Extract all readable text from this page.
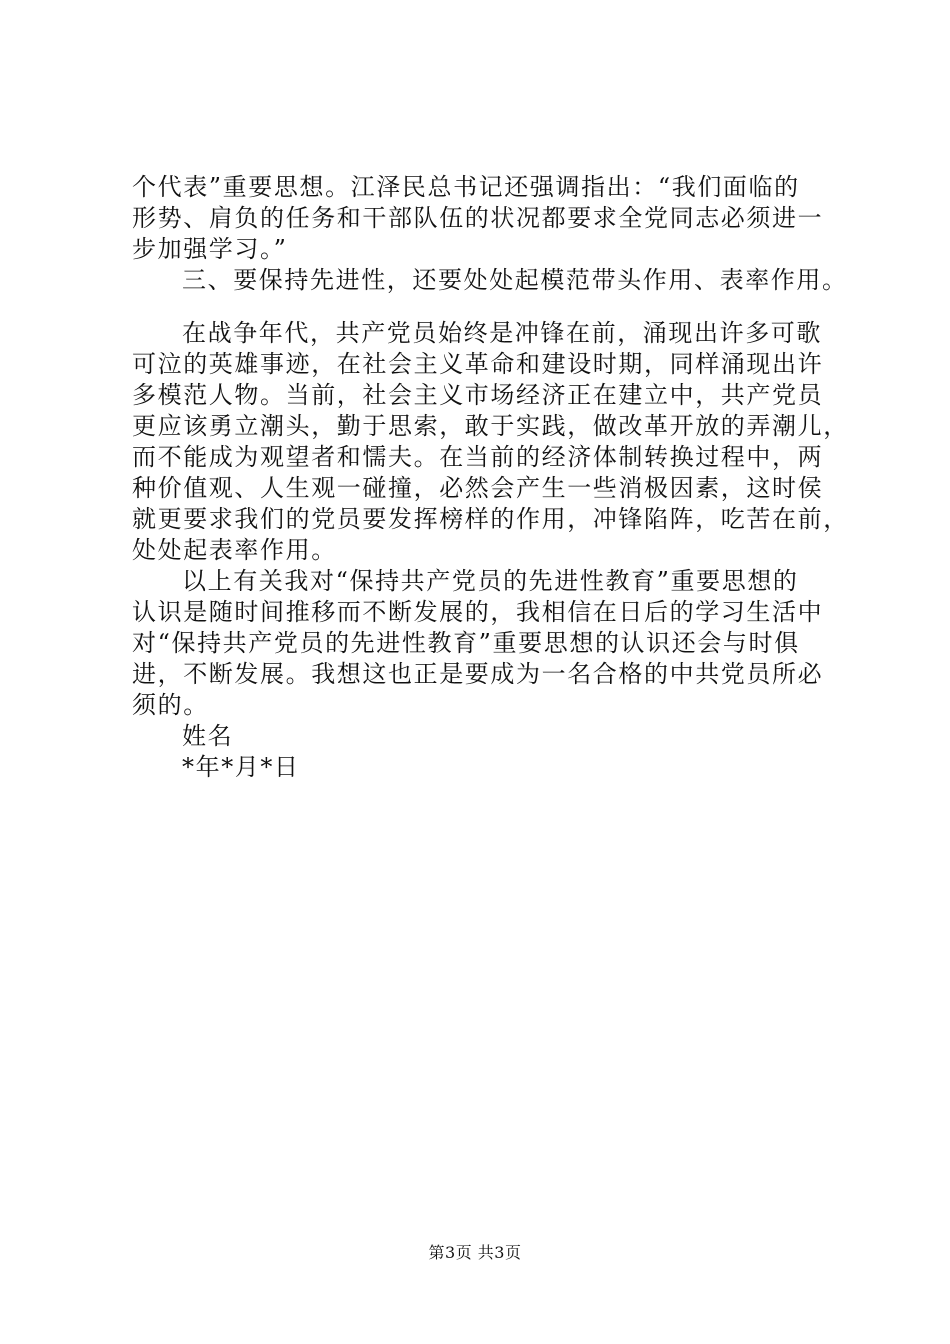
个代表”重要思想。江泽民总书记还强调指出：“我们面临的
形势、肩负的任务和干部队伍的状况都要求全党同志必须进一
步加强学习。”
三、要保持先进性，还要处处起模范带头作用、表率作用。
在战争年代，共产党员始终是冲锋在前，涌现出许多可歌
可泣的英雄事迹，在社会主义革命和建设时期，同样涌现出许
多模范人物。当前，社会主义市场经济正在建立中，共产党员
更应该勇立潮头，勤于思索，敢于实践，做改革开放的弄潮儿，
而不能成为观望者和懦夫。在当前的经济体制转换过程中，两
种价值观、人生观一碰撞，必然会产生一些消极因素，这时侯
就更要求我们的党员要发挥榜样的作用，冲锋陷阵，吃苦在前，
处处起表率作用。
以上有关我对“保持共产党员的先进性教育”重要思想的
认识是随时间推移而不断发展的，我相信在日后的学习生活中
对“保持共产党员的先进性教育”重要思想的认识还会与时俱
进，不断发展。我想这也正是要成为一名合格的中共党员所必
须的。
姓名
*年*月*日
第3页 共3页
